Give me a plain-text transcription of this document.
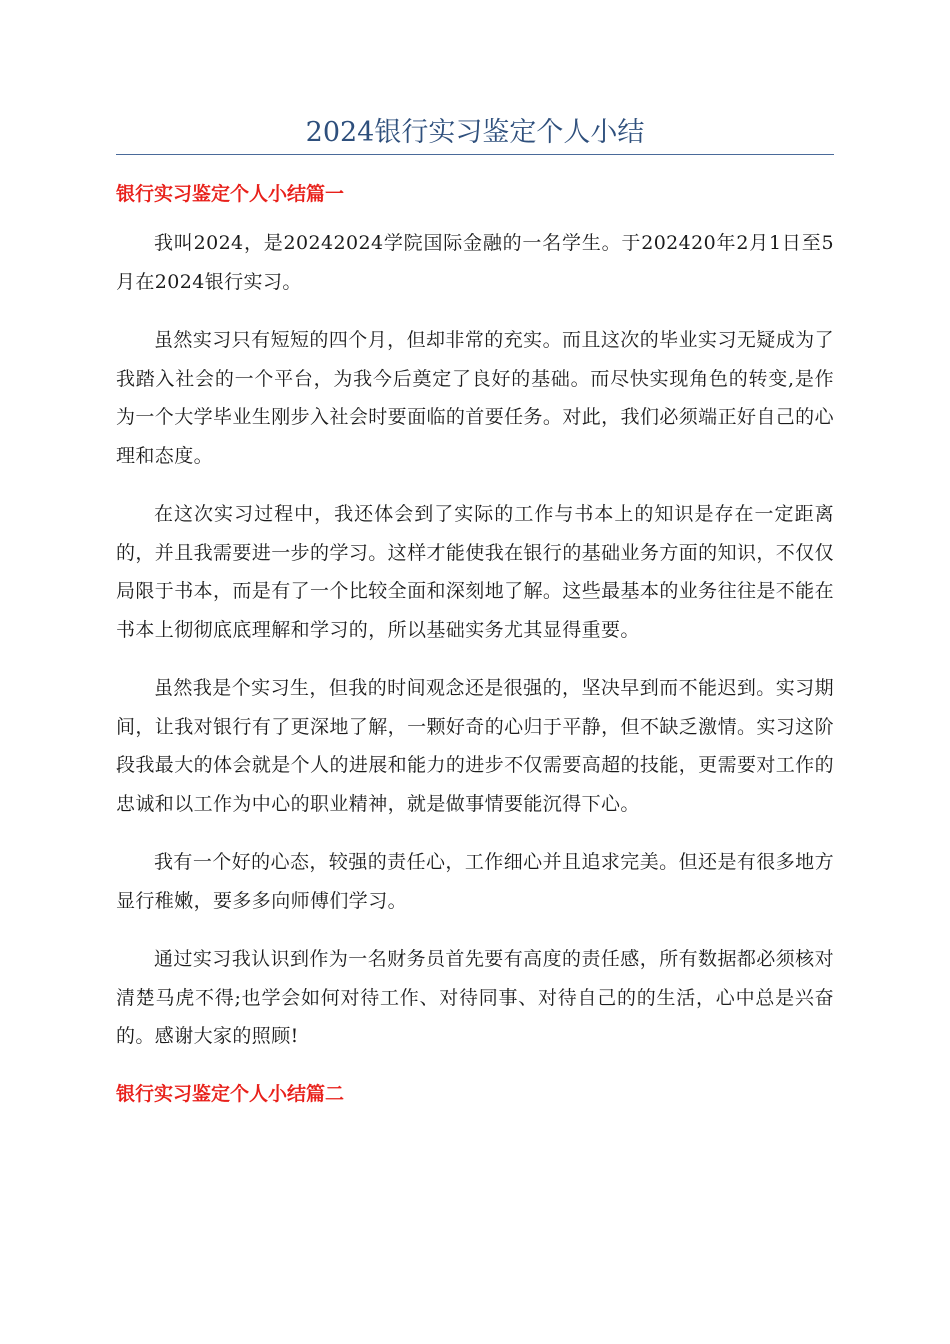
2024银行实习鉴定个人小结
银行实习鉴定个人小结篇一

我叫2024，是20242024学院国际金融的一名学生。于202420年2月1日至5月在2024银行实习。

虽然实习只有短短的四个月，但却非常的充实。而且这次的毕业实习无疑成为了我踏入社会的一个平台，为我今后奠定了良好的基础。而尽快实现角色的转变,是作为一个大学毕业生刚步入社会时要面临的首要任务。对此，我们必须端正好自己的心理和态度。

在这次实习过程中，我还体会到了实际的工作与书本上的知识是存在一定距离的，并且我需要进一步的学习。这样才能使我在银行的基础业务方面的知识，不仅仅局限于书本，而是有了一个比较全面和深刻地了解。这些最基本的业务往往是不能在书本上彻彻底底理解和学习的，所以基础实务尤其显得重要。

虽然我是个实习生，但我的时间观念还是很强的，坚决早到而不能迟到。实习期间，让我对银行有了更深地了解，一颗好奇的心归于平静，但不缺乏激情。实习这阶段我最大的体会就是个人的进展和能力的进步不仅需要高超的技能，更需要对工作的忠诚和以工作为中心的职业精神，就是做事情要能沉得下心。

我有一个好的心态，较强的责任心，工作细心并且追求完美。但还是有很多地方显行稚嫩，要多多向师傅们学习。

通过实习我认识到作为一名财务员首先要有高度的责任感，所有数据都必须核对清楚马虎不得;也学会如何对待工作、对待同事、对待自己的的生活，心中总是兴奋的。感谢大家的照顾!

银行实习鉴定个人小结篇二
